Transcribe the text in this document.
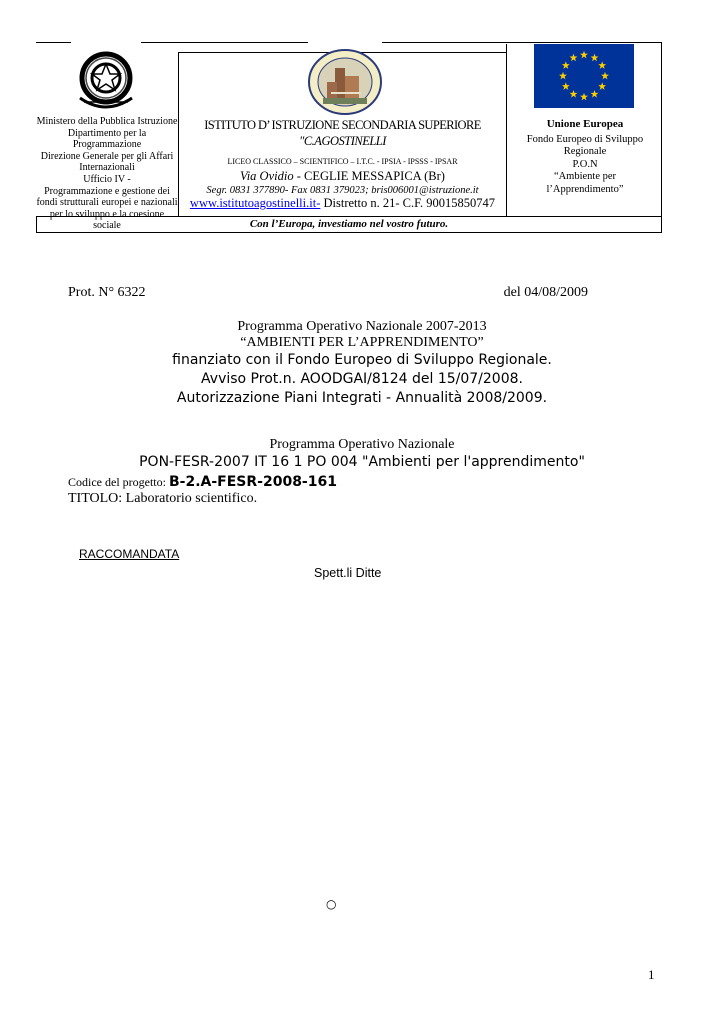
Ministero della Pubblica Istruzione
Dipartimento per la
Programmazione
Direzione Generale per gli Affari
Internazionali
Ufficio IV -
Programmazione e gestione dei
fondi strutturali europei e nazionali
per lo sviluppo e la coesione sociale
ISTITUTO D’ ISTRUZIONE SECONDARIA SUPERIORE
"C.AGOSTINELLI
LICEO CLASSICO – SCIENTIFICO – I.T.C. - IPSIA - IPSSS - IPSAR
Via Ovidio - CEGLIE MESSAPICA (Br)
Segr. 0831 377890- Fax 0831 379023; bris006001@istruzione.it
www.istitutoagostinelli.it- Distretto n. 21- C.F. 90015850747
Unione Europea
Fondo Europeo di Sviluppo
Regionale
P.O.N
“Ambiente per
l’Apprendimento”
Con l’Europa, investiamo nel vostro futuro.
Prot. N° 6322	del 04/08/2009
Programma Operativo Nazionale 2007-2013
“AMBIENTI PER L’APPRENDIMENTO”
finanziato con il Fondo Europeo di Sviluppo Regionale.
Avviso Prot.n. AOODGAI/8124 del 15/07/2008.
Autorizzazione Piani Integrati - Annualità 2008/2009.
Programma Operativo Nazionale
PON-FESR-2007 IT 16 1 PO 004 "Ambienti per l'apprendimento"
Codice del progetto: B-2.A-FESR-2008-161
TITOLO: Laboratorio scientifico.
RACCOMANDATA
Spett.li Ditte
○
1
